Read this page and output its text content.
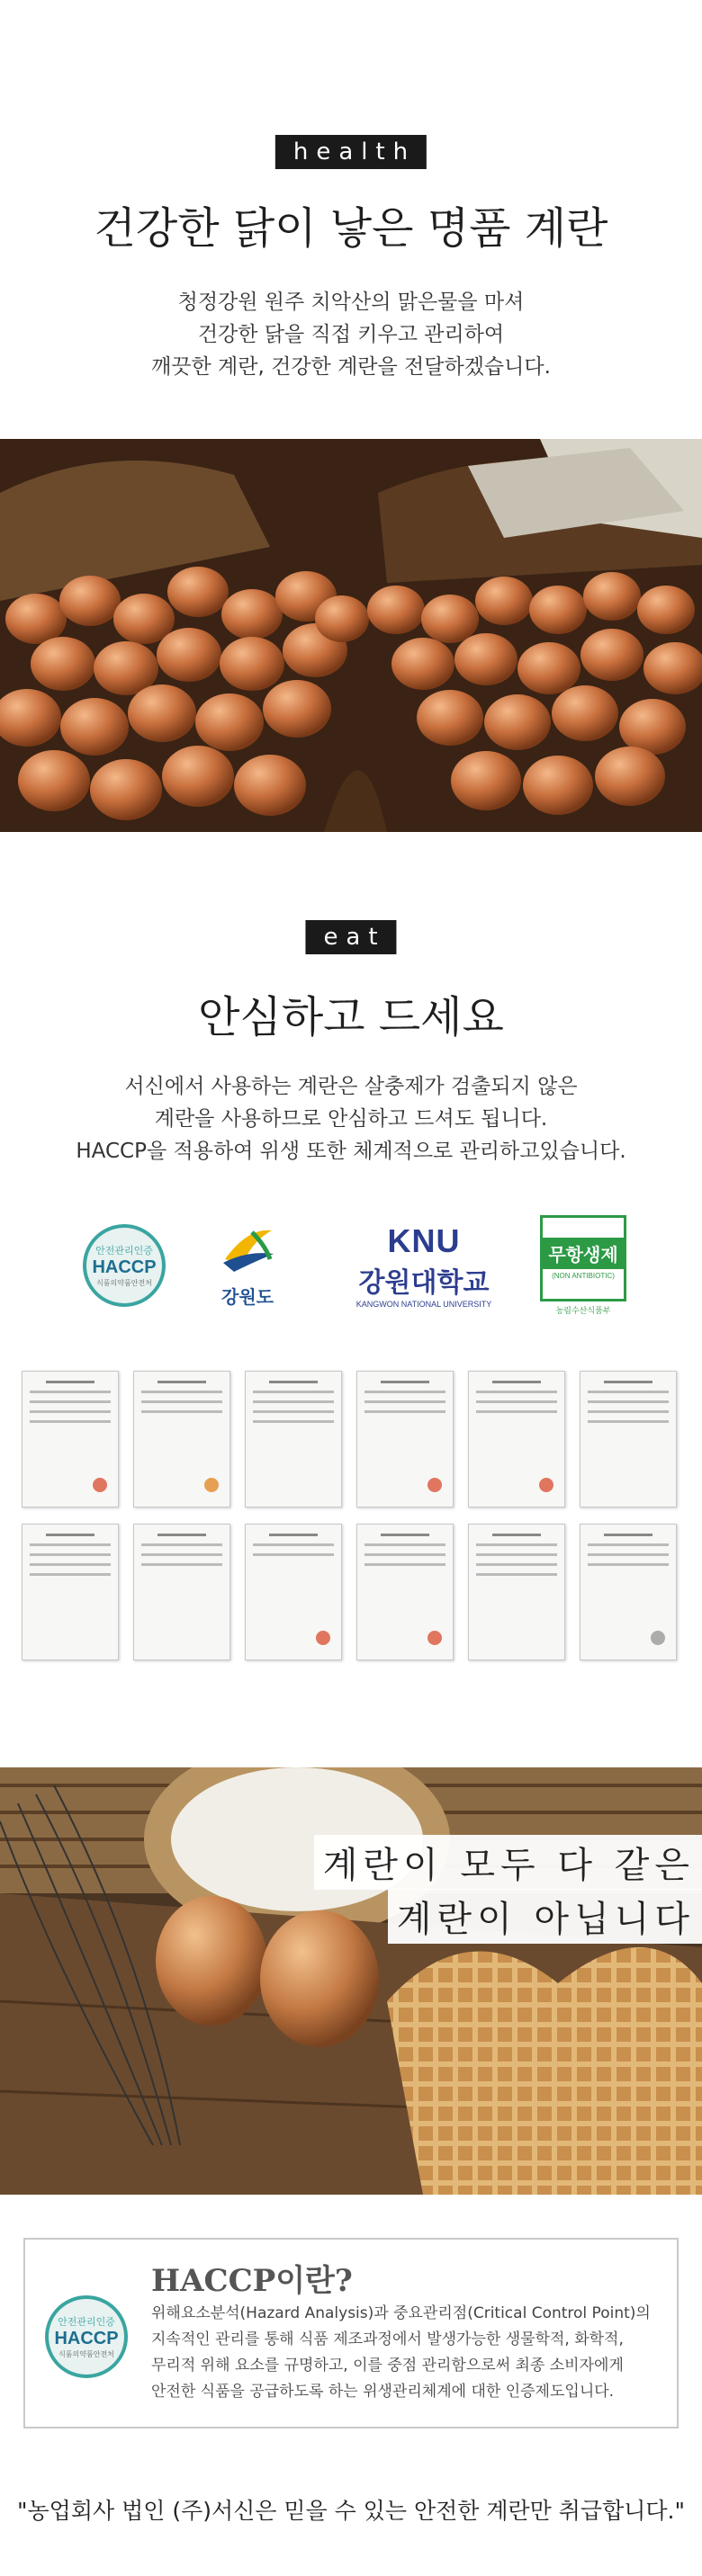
health
건강한 닭이 낳은 명품 계란
청정강원 원주 치악산의 맑은물을 마셔
건강한 닭을 직접 키우고 관리하여
깨끗한 계란, 건강한 계란을 전달하겠습니다.
eat
안심하고 드세요
서신에서 사용하는 계란은 살충제가 검출되지 않은
계란을 사용하므로 안심하고 드셔도 됩니다.
HACCP을 적용하여 위생 또한 체계적으로 관리하고있습니다.
안전관리인증
HACCP
식품의약품안전처
강원도
KNU
강원대학교
KANGWON NATIONAL UNIVERSITY
무항생제
(NON ANTIBIOTIC)
농림수산식품부
계란이 모두 다 같은
계란이 아닙니다
안전관리인증
HACCP
식품의약품안전처
HACCP이란?

위해요소분석(Hazard Analysis)과 중요관리점(Critical Control Point)의
지속적인 관리를 통해 식품 제조과정에서 발생가능한 생물학적, 화학적,
무리적 위해 요소를 규명하고, 이를 중점 관리함으로써 최종 소비자에게
안전한 식품을 공급하도록 하는 위생관리체계에 대한 인증제도입니다.

"농업회사 법인 (주)서신은 믿을 수 있는 안전한 계란만 취급합니다."
